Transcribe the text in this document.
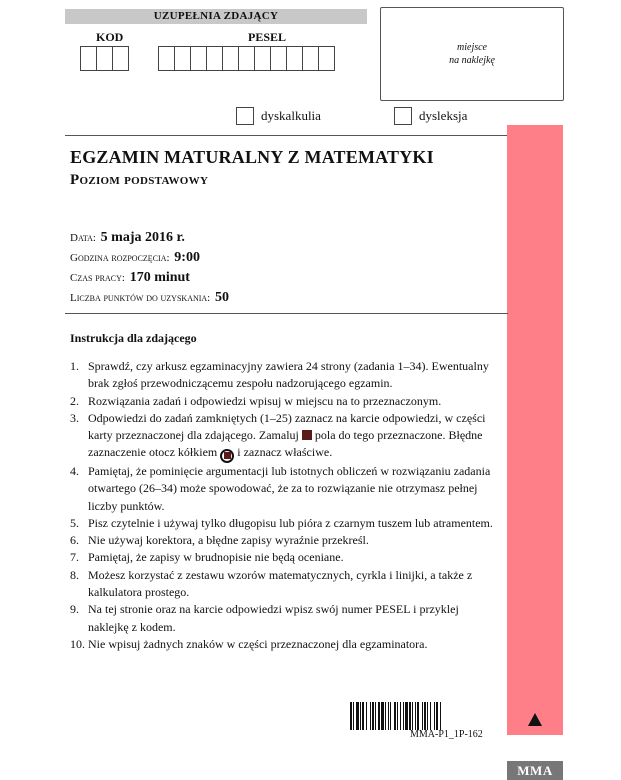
UZUPEŁNIA ZDAJĄCY
KOD	PESEL
miejsce
na naklejkę
dyskalkulia	dysleksja
EGZAMIN MATURALNY Z MATEMATYKI
Poziom podstawowy
Data: 5 maja 2016 r.
Godzina rozpoczęcia: 9:00
Czas pracy: 170 minut
Liczba punktów do uzyskania: 50
Instrukcja dla zdającego
1. Sprawdź, czy arkusz egzaminacyjny zawiera 24 strony (zadania 1–34). Ewentualny brak zgłoś przewodniczącemu zespołu nadzorującego egzamin.
2. Rozwiązania zadań i odpowiedzi wpisuj w miejscu na to przeznaczonym.
3. Odpowiedzi do zadań zamkniętych (1–25) zaznacz na karcie odpowiedzi, w części karty przeznaczonej dla zdającego. Zamaluj pola do tego przeznaczone. Błędne zaznaczenie otocz kółkiem i zaznacz właściwe.
4. Pamiętaj, że pominięcie argumentacji lub istotnych obliczeń w rozwiązaniu zadania otwartego (26–34) może spowodować, że za to rozwiązanie nie otrzymasz pełnej liczby punktów.
5. Pisz czytelnie i używaj tylko długopisu lub pióra z czarnym tuszem lub atramentem.
6. Nie używaj korektora, a błędne zapisy wyraźnie przekreśl.
7. Pamiętaj, że zapisy w brudnopisie nie będą oceniane.
8. Możesz korzystać z zestawu wzorów matematycznych, cyrkla i linijki, a także z kalkulatora prostego.
9. Na tej stronie oraz na karcie odpowiedzi wpisz swój numer PESEL i przyklej naklejkę z kodem.
10. Nie wpisuj żadnych znaków w części przeznaczonej dla egzaminatora.
MMA-P1_1P-162
MMA
